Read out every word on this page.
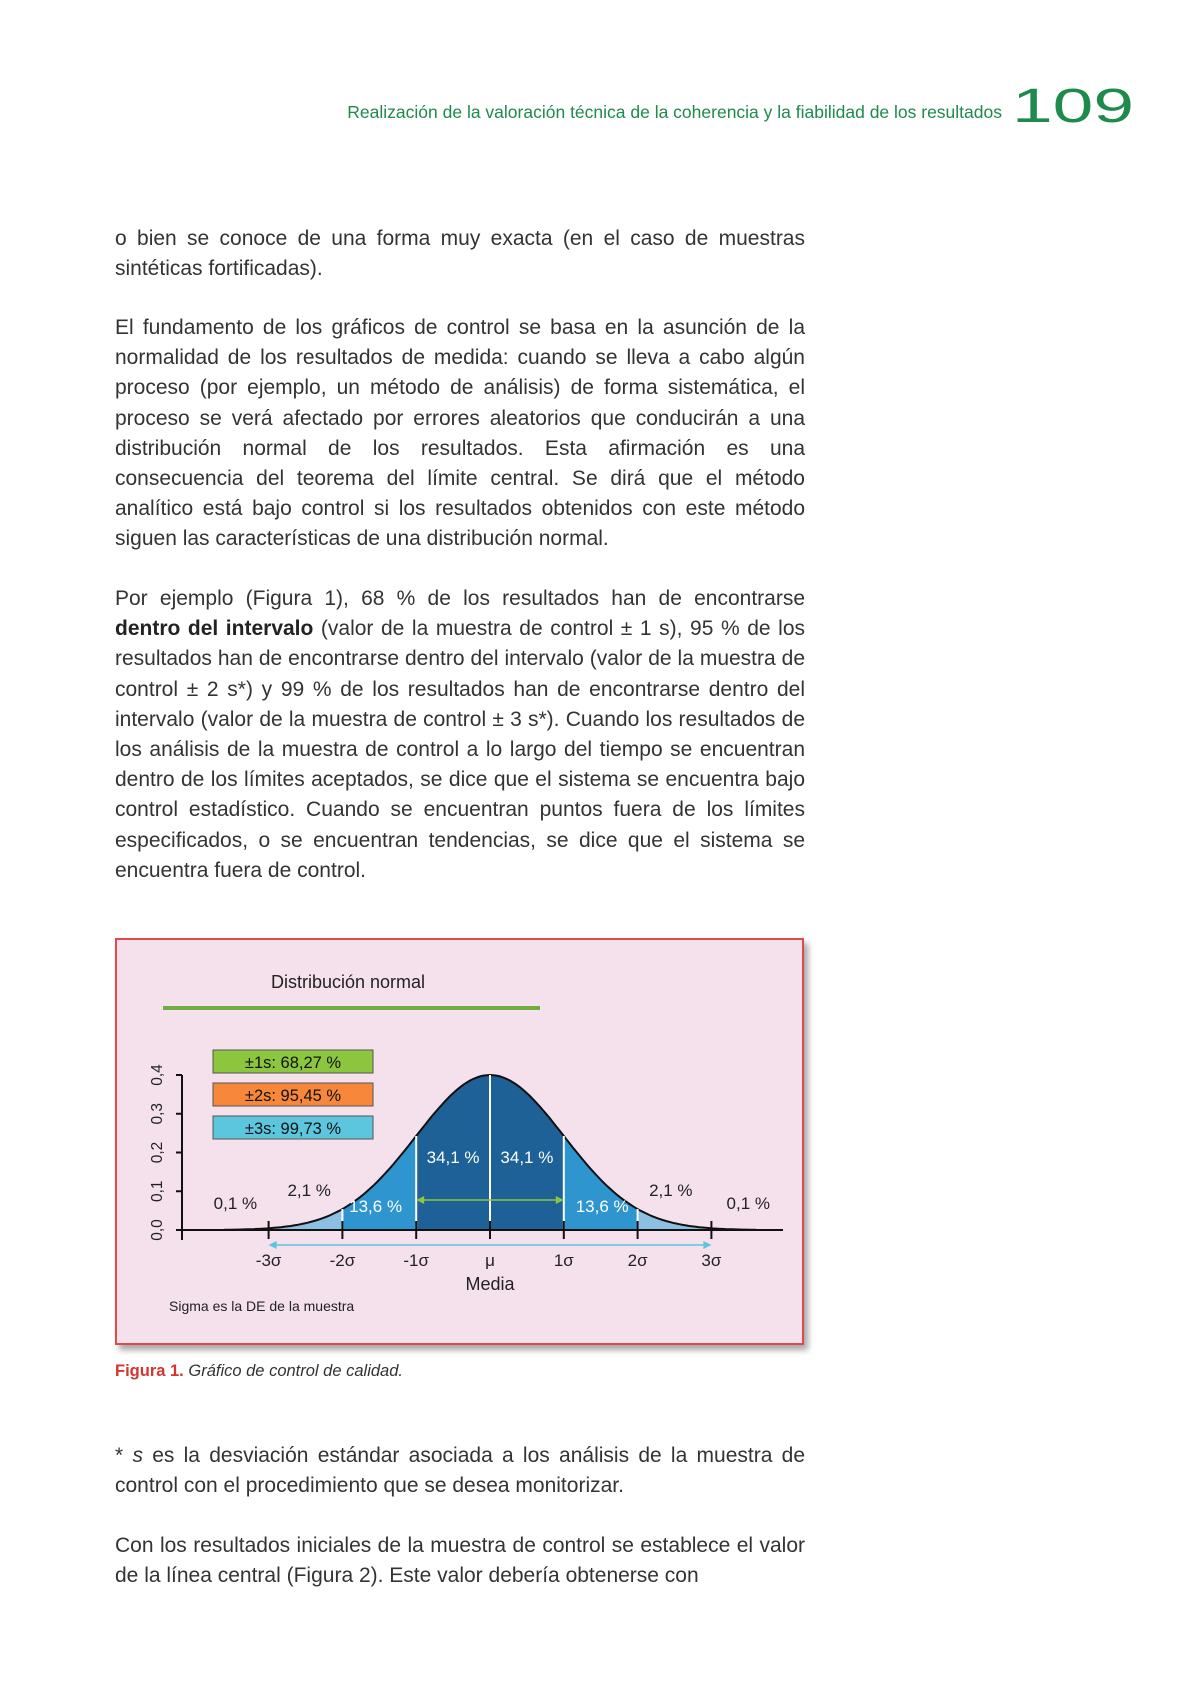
Realización de la valoración técnica de la coherencia y la fiabilidad de los resultados 109

o bien se conoce de una forma muy exacta (en el caso de muestras sintéticas fortificadas).

El fundamento de los gráficos de control se basa en la asunción de la normalidad de los resultados de medida: cuando se lleva a cabo algún proceso (por ejemplo, un método de análisis) de forma sistemática, el proceso se verá afectado por errores aleatorios que conducirán a una distribución normal de los resultados. Esta afirmación es una consecuencia del teorema del límite central. Se dirá que el método analítico está bajo control si los resultados obtenidos con este método siguen las características de una distribución normal.

Por ejemplo (Figura 1), 68 % de los resultados han de encontrarse dentro del intervalo (valor de la muestra de control ± 1 s), 95 % de los resultados han de encontrarse dentro del intervalo (valor de la muestra de control ± 2 s*) y 99 % de los resultados han de encontrarse dentro del intervalo (valor de la muestra de control ± 3 s*). Cuando los resultados de los análisis de la muestra de control a lo largo del tiempo se encuentran dentro de los límites aceptados, se dice que el sistema se encuentra bajo control estadístico. Cuando se encuentran puntos fuera de los límites especificados, o se encuentran tendencias, se dice que el sistema se encuentra fuera de control.

Distribución normal
0,0
0,1
0,2
0,3
0,4
-3σ	-2σ	-1σ	μ	1σ	2σ	3σ
Media
0,1 %
2,1 %
13,6 %
34,1 % 34,1 %
13,6 %
2,1 %
0,1 %
±1s: 68,27 %
±2s: 95,45 %
±3s: 99,73 %
Sigma es la DE de la muestra
Figura 1. Gráfico de control de calidad.

* s es la desviación estándar asociada a los análisis de la muestra de control con el procedimiento que se desea monitorizar.

Con los resultados iniciales de la muestra de control se establece el valor de la línea central (Figura 2). Este valor debería obtenerse con
